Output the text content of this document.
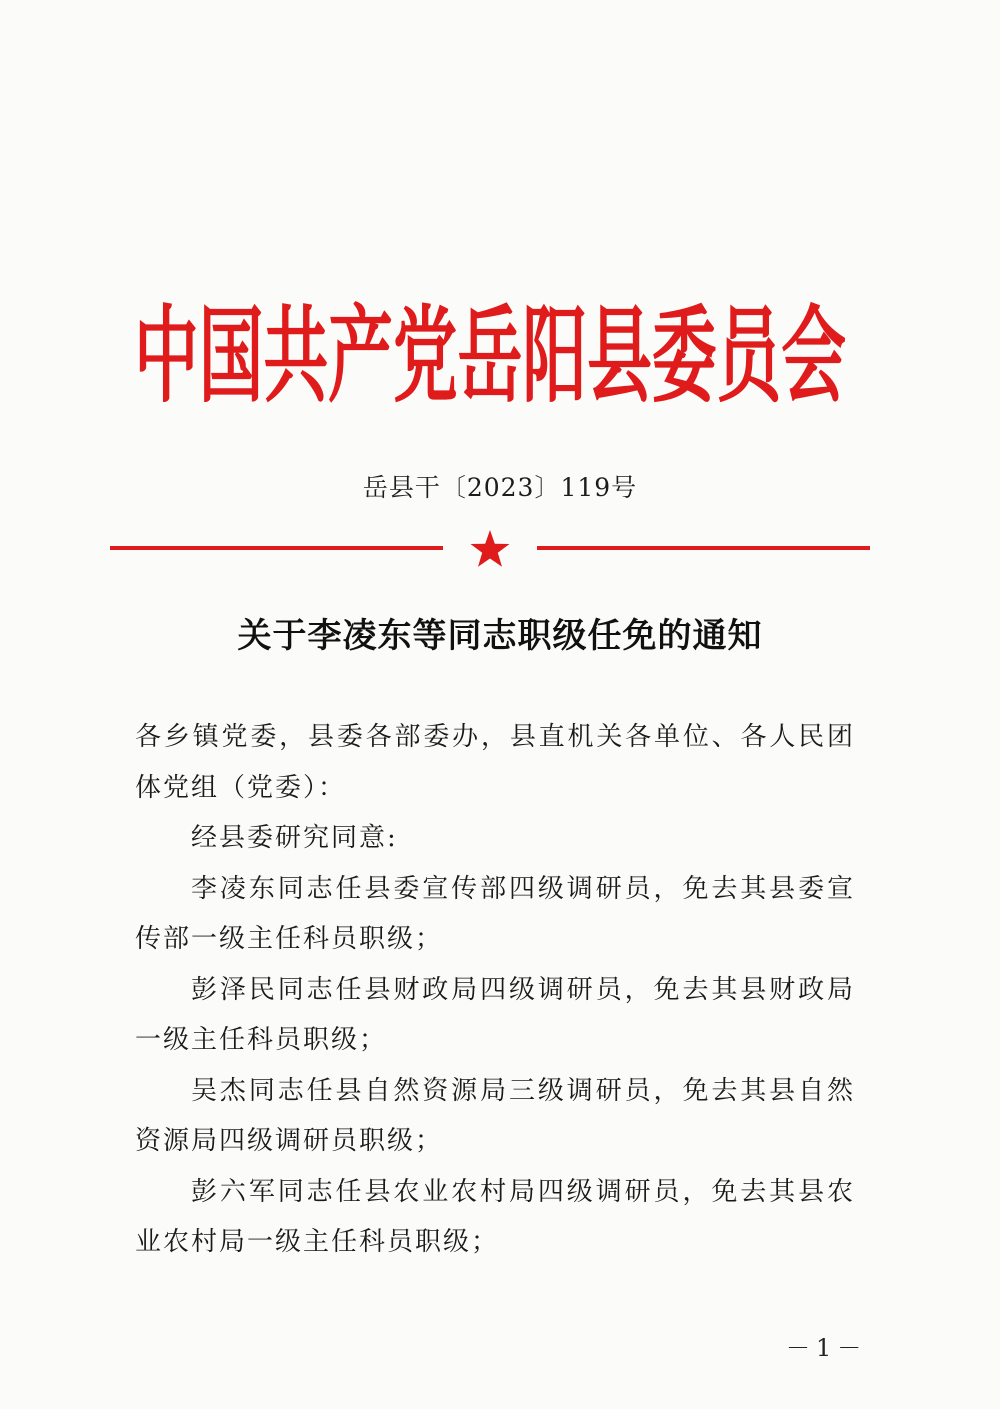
中国共产党岳阳县委员会
岳县干〔2023〕119号
关于李凌东等同志职级任免的通知

各乡镇党委，县委各部委办，县直机关各单位、各人民团体党组（党委）：

经县委研究同意:

李凌东同志任县委宣传部四级调研员，免去其县委宣传部一级主任科员职级；

彭泽民同志任县财政局四级调研员，免去其县财政局一级主任科员职级；

吴杰同志任县自然资源局三级调研员，免去其县自然资源局四级调研员职级；

彭六军同志任县农业农村局四级调研员，免去其县农业农村局一级主任科员职级；

－1－
